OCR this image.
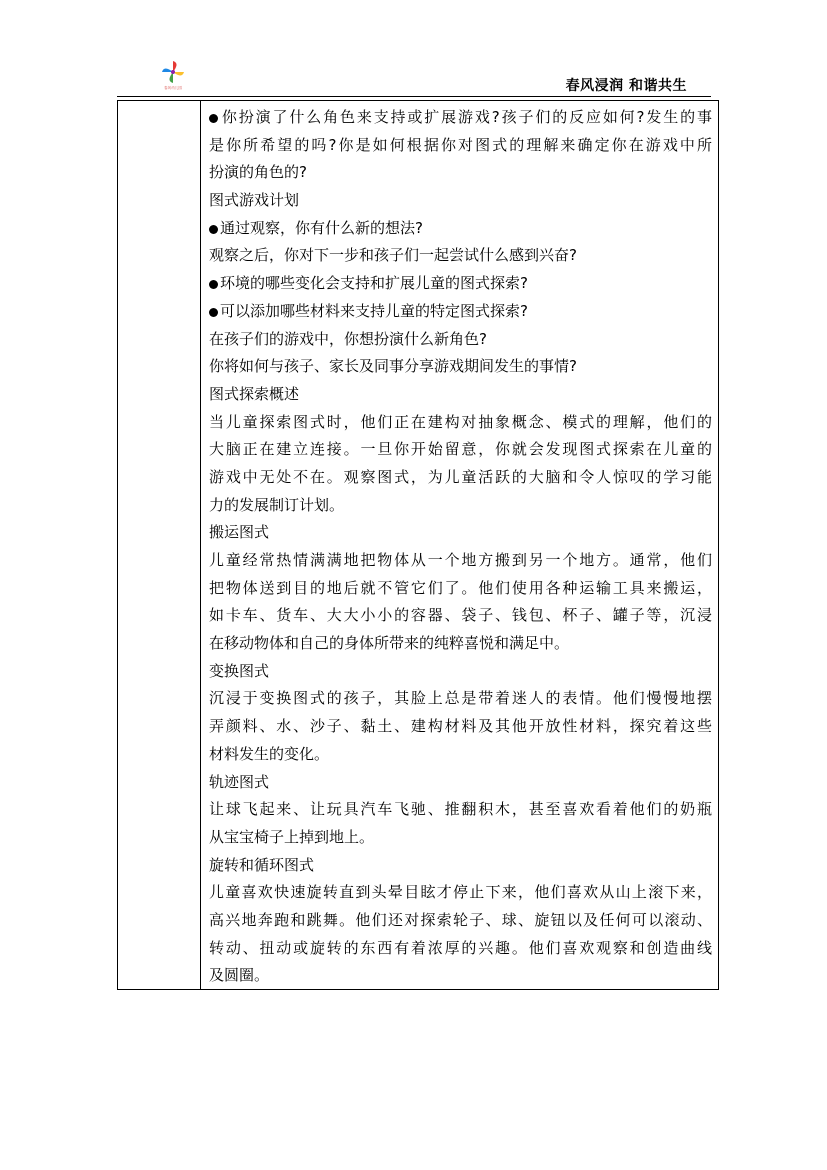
春风幼儿园	春风浸润 和谐共生
你扮演了什么角色来支持或扩展游戏?孩子们的反应如何?发生的事
是你所希望的吗?你是如何根据你对图式的理解来确定你在游戏中所
扮演的角色的?
图式游戏计划
通过观察，你有什么新的想法?
观察之后，你对下一步和孩子们一起尝试什么感到兴奋?
环境的哪些变化会支持和扩展儿童的图式探索?
可以添加哪些材料来支持儿童的特定图式探索?
在孩子们的游戏中，你想扮演什么新角色?
你将如何与孩子、家长及同事分享游戏期间发生的事情?
图式探索概述
当儿童探索图式时，他们正在建构对抽象概念、模式的理解，他们的
大脑正在建立连接。一旦你开始留意，你就会发现图式探索在儿童的
游戏中无处不在。观察图式，为儿童活跃的大脑和令人惊叹的学习能
力的发展制订计划。
搬运图式
儿童经常热情满满地把物体从一个地方搬到另一个地方。通常，他们
把物体送到目的地后就不管它们了。他们使用各种运输工具来搬运，
如卡车、货车、大大小小的容器、袋子、钱包、杯子、罐子等，沉浸
在移动物体和自己的身体所带来的纯粹喜悦和满足中。
变换图式
沉浸于变换图式的孩子，其脸上总是带着迷人的表情。他们慢慢地摆
弄颜料、水、沙子、黏土、建构材料及其他开放性材料，探究着这些
材料发生的变化。
轨迹图式
让球飞起来、让玩具汽车飞驰、推翻积木，甚至喜欢看着他们的奶瓶
从宝宝椅子上掉到地上。
旋转和循环图式
儿童喜欢快速旋转直到头晕目眩才停止下来，他们喜欢从山上滚下来，
高兴地奔跑和跳舞。他们还对探索轮子、球、旋钮以及任何可以滚动、
转动、扭动或旋转的东西有着浓厚的兴趣。他们喜欢观察和创造曲线
及圆圈。
